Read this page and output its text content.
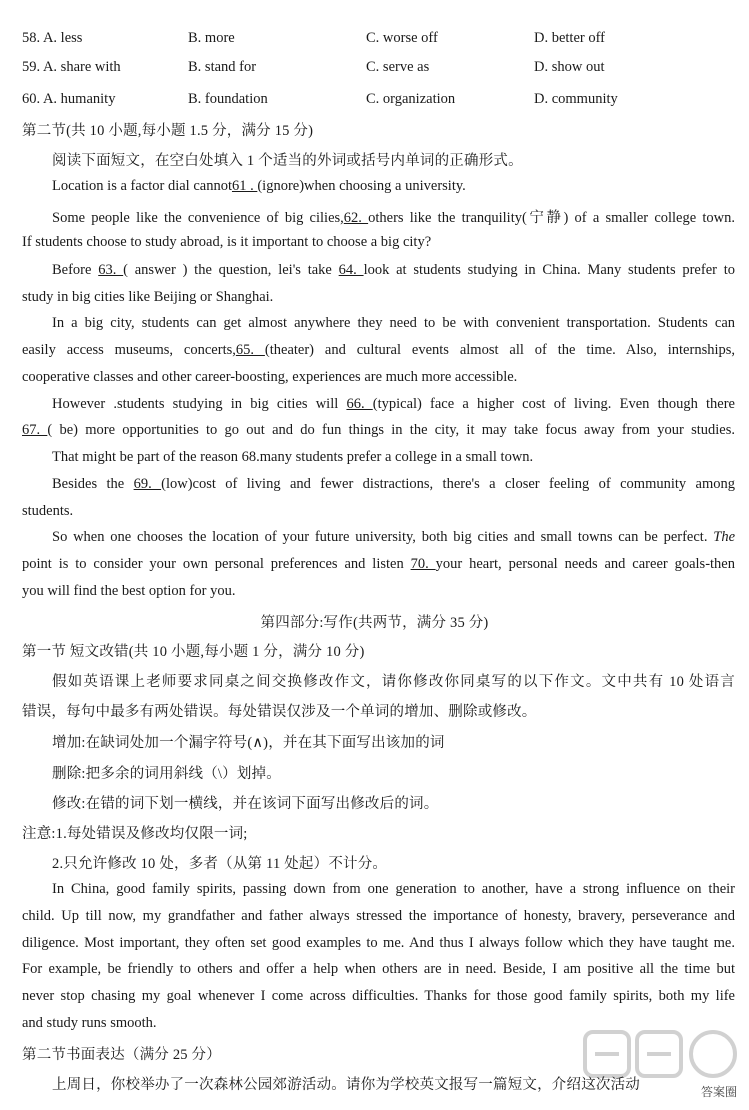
58. A. less	B. more	C. worse off	D. better off
59. A. share with	B. stand for	C. serve as	D. show out
60. A. humanity	B. foundation	C. organization	D. community
第二节(共 10 小题,每小题 1.5 分，满分 15 分)
阅读下面短文，在空白处填入 1 个适当的外词或括号内单词的正确形式。
Location is a factor dial cannot61 . (ignore)when choosing a university.
Some people like the convenience of big cilies,62. others like the tranquility(宁静) of a smaller college town.
If students choose to study abroad, is it important to choose a big city?
Before 63. ( answer ) the question, lei's take 64. look at students studying in China. Many students prefer to
study in big cities like Beijing or Shanghai.
In a big city, students can get almost anywhere they need to be with convenient transportation. Students can
easily access museums, concerts,65. (theater) and cultural events almost all of the time. Also, internships,
cooperative classes and other career-boosting, experiences are much more accessible.
However .students studying in big cities will 66. (typical) face a higher cost of living. Even though there
67. ( be) more opportunities to go out and do fun things in the city, it may take focus away from your studies.
That might be part of the reason 68.many students prefer a college in a small town.
Besides the 69. (low)cost of living and fewer distractions, there's a closer feeling of community among
students.
So when one chooses the location of your future university, both big cities and small towns can be perfect. The
point is to consider your own personal preferences and listen 70. your heart, personal needs and career goals-then
you will find the best option for you.
第四部分:写作(共两节，满分 35 分)
第一节 短文改错(共 10 小题,每小题 1 分，满分 10 分)
假如英语课上老师要求同桌之间交换修改作文，请你修改你同桌写的以下作文。文中共有 10 处语言
错误，每句中最多有两处错误。每处错误仅涉及一个单词的增加、删除或修改。
增加:在缺词处加一个漏字符号(∧)，并在其下面写出该加的词
删除:把多余的词用斜线（\）划掉。
修改:在错的词下划一横线，并在该词下面写出修改后的词。
注意:1.每处错误及修改均仅限一词;
2.只允许修改 10 处，多者（从第 11 处起）不计分。
In China, good family spirits, passing down from one generation to another, have a strong influence on their
child. Up till now, my grandfather and father always stressed the importance of honesty, bravery, perseverance and
diligence. Most important, they often set good examples to me. And thus I always follow which they have taught me.
For example, be friendly to others and offer a help when others are in need. Beside, I am positive all the time but
never stop chasing my goal whenever I come across difficulties. Thanks for those good family spirits, both my life
and study runs smooth.
第二节书面表达（满分 25 分）
上周日，你校举办了一次森林公园郊游活动。请你为学校英文报写一篇短文，介绍这次活动	答案圈
